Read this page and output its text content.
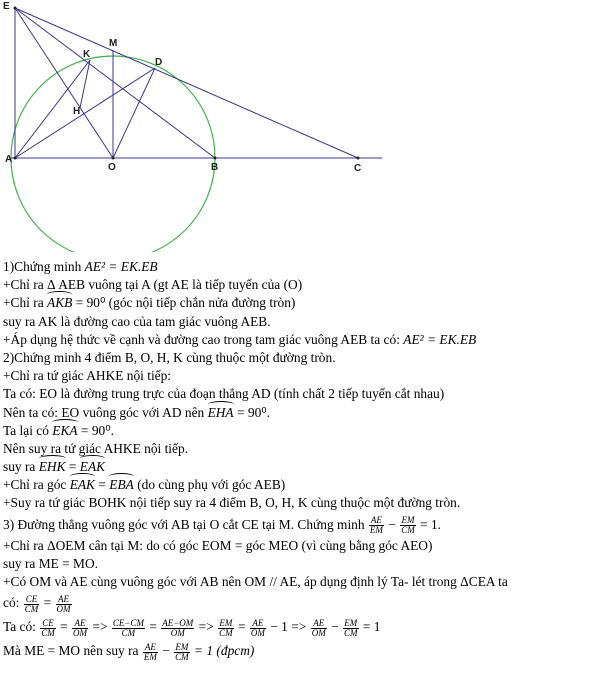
E
K
M
D
H
A
O	B	C
1)Chứng minh AE² = EK.EB
+Chỉ ra Δ AEB vuông tại A (gt AE là tiếp tuyến của (O)
+Chỉ ra AKB = 90⁰ (góc nội tiếp chắn nửa đường tròn)
suy ra AK là đường cao của tam giác vuông AEB.
+Áp dụng hệ thức về cạnh và đường cao trong tam giác vuông AEB ta có: AE² = EK.EB
2)Chứng minh 4 điểm B, O, H, K cùng thuộc một đường tròn.
+Chỉ ra tứ giác AHKE nội tiếp:
Ta có: EO là đường trung trực của đoạn thẳng AD (tính chất 2 tiếp tuyến cắt nhau)
Nên ta có: EO vuông góc với AD nên EHA = 90⁰.
Ta lại có EKA = 90⁰.
Nên suy ra tứ giác AHKE nội tiếp.
suy ra EHK = EAK
+Chỉ ra góc EAK = EBA (do cùng phụ với góc AEB)
+Suy ra tứ giác BOHK nội tiếp suy ra 4 điểm B, O, H, K cùng thuộc một đường tròn.
3) Đường thẳng vuông góc với AB tại O cắt CE tại M. Chứng minh $\frac{AE}{EM} - \frac{EM}{CM} = 1$.
+Chỉ ra ΔOEM cân tại M: do có góc EOM = góc MEO (vì cùng bằng góc AEO)
suy ra ME = MO.
+Có OM và AE cùng vuông góc với AB nên OM // AE, áp dụng định lý Ta- lét trong ΔCEA ta
có: $\frac{CE}{CM} = \frac{AE}{OM}$
Ta có: $\frac{CE}{CM} = \frac{AE}{OM} => \frac{CE-CM}{CM} = \frac{AE-OM}{OM} => \frac{EM}{CM} = \frac{AE}{OM} - 1 => \frac{AE}{OM} - \frac{EM}{CM} = 1$
Mà ME = MO nên suy ra $\frac{AE}{EM} - \frac{EM}{CM} = 1$ (đpcm)
